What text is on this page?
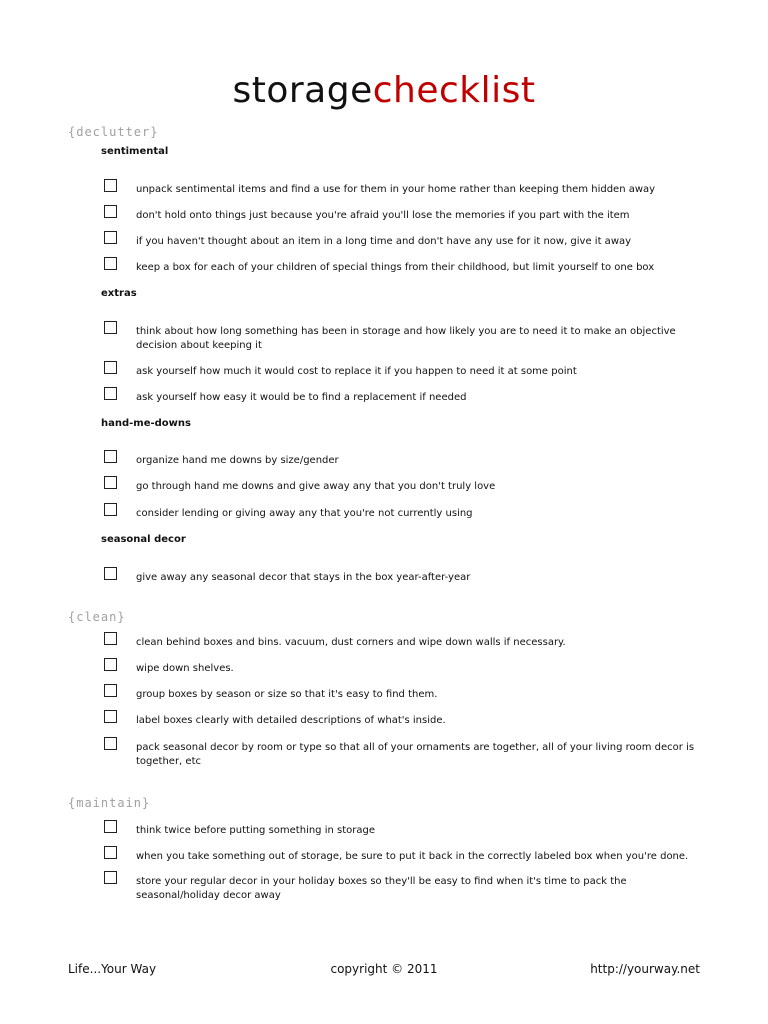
storagechecklist
{declutter}
sentimental
unpack sentimental items and find a use for them in your home rather than keeping them hidden away
don't hold onto things just because you're afraid you'll lose the memories if you part with the item
if you haven't thought about an item in a long time and don't have any use for it now, give it away
keep a box for each of your children of special things from their childhood, but limit yourself to one box
extras
think about how long something has been in storage and how likely you are to need it to make an objective decision about keeping it
ask yourself how much it would cost to replace it if you happen to need it at some point
ask yourself how easy it would be to find a replacement if needed
hand-me-downs
organize hand me downs by size/gender
go through hand me downs and give away any that you don't truly love
consider lending or giving away any that you're not currently using
seasonal decor
give away any seasonal decor that stays in the box year-after-year
{clean}
clean behind boxes and bins. vacuum, dust corners and wipe down walls if necessary.
wipe down shelves.
group boxes by season or size so that it's easy to find them.
label boxes clearly with detailed descriptions of what's inside.
pack seasonal decor by room or type so that all of your ornaments are together, all of your living room decor is together, etc
{maintain}
think twice before putting something in storage
when you take something out of storage, be sure to put it back in the correctly labeled box when you're done.
store your regular decor in your holiday boxes so they'll be easy to find when it's time to pack the seasonal/holiday decor away
copyright © 2011
Life...Your Way	http://yourway.net
